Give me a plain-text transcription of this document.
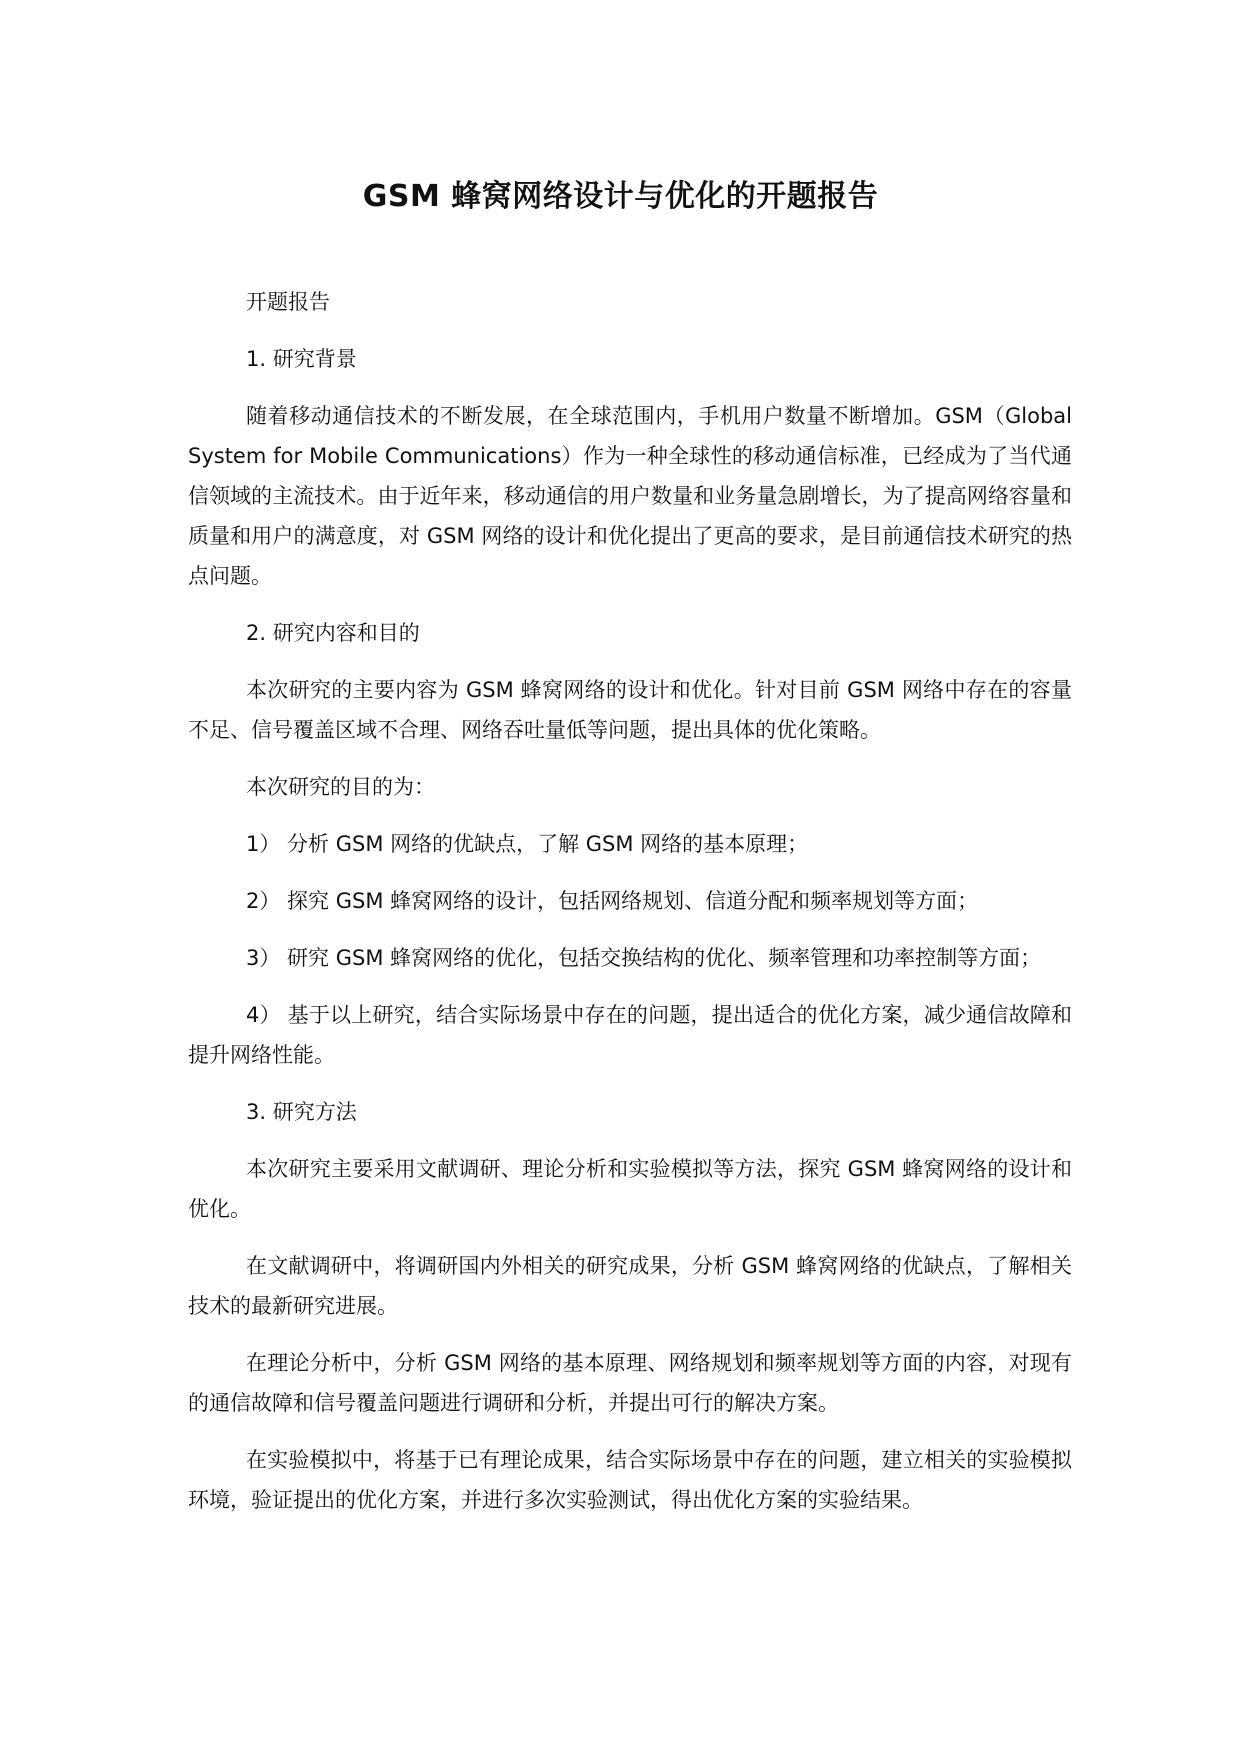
GSM 蜂窝网络设计与优化的开题报告

开题报告

1. 研究背景

随着移动通信技术的不断发展，在全球范围内，手机用户数量不断增加。GSM（Global System for Mobile Communications）作为一种全球性的移动通信标准，已经成为了当代通信领域的主流技术。由于近年来，移动通信的用户数量和业务量急剧增长，为了提高网络容量和质量和用户的满意度，对 GSM 网络的设计和优化提出了更高的要求，是目前通信技术研究的热点问题。

2. 研究内容和目的

本次研究的主要内容为 GSM 蜂窝网络的设计和优化。针对目前 GSM 网络中存在的容量不足、信号覆盖区域不合理、网络吞吐量低等问题，提出具体的优化策略。

本次研究的目的为：

1） 分析 GSM 网络的优缺点，了解 GSM 网络的基本原理；

2） 探究 GSM 蜂窝网络的设计，包括网络规划、信道分配和频率规划等方面；

3） 研究 GSM 蜂窝网络的优化，包括交换结构的优化、频率管理和功率控制等方面；

4） 基于以上研究，结合实际场景中存在的问题，提出适合的优化方案，减少通信故障和提升网络性能。

3. 研究方法

本次研究主要采用文献调研、理论分析和实验模拟等方法，探究 GSM 蜂窝网络的设计和优化。

在文献调研中，将调研国内外相关的研究成果，分析 GSM 蜂窝网络的优缺点，了解相关技术的最新研究进展。

在理论分析中，分析 GSM 网络的基本原理、网络规划和频率规划等方面的内容，对现有的通信故障和信号覆盖问题进行调研和分析，并提出可行的解决方案。

在实验模拟中，将基于已有理论成果，结合实际场景中存在的问题，建立相关的实验模拟环境，验证提出的优化方案，并进行多次实验测试，得出优化方案的实验结果。
